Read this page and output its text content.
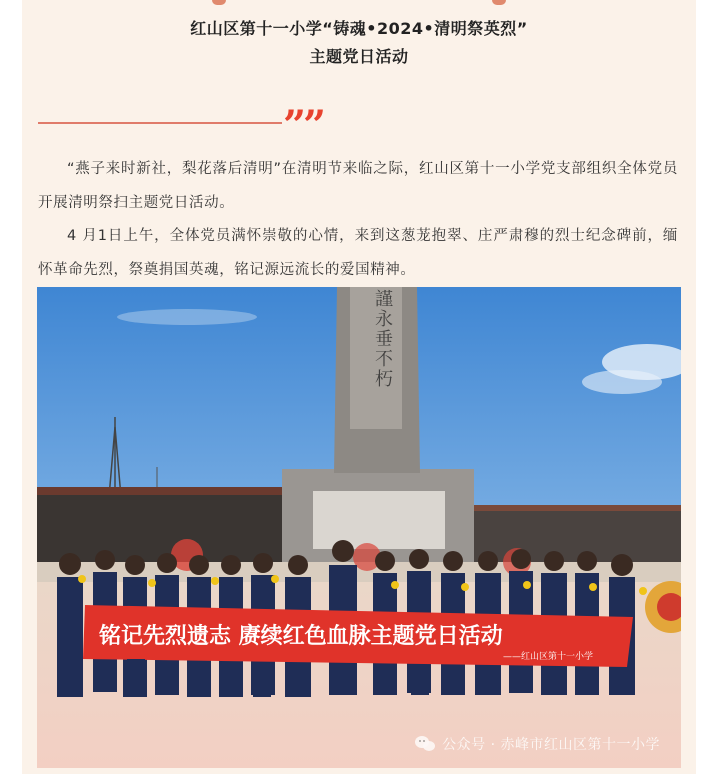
红山区第十一小学“铸魂•2024•清明祭英烈”
主题党日活动
””

“燕子来时新社，梨花落后清明”在清明节来临之际，红山区第十一小学党支部组织全体党员开展清明祭扫主题党日活动。

4 月1日上午，全体党员满怀崇敬的心情，来到这葱茏抱翠、庄严肃穆的烈士纪念碑前，缅怀革命先烈，祭奠捐国英魂，铭记源远流长的爱国精神。

铭记先烈遗志 赓续红色血脉主题党日活动
——红山区第十一小学
謹永垂不朽
公众号 · 赤峰市红山区第十一小学
